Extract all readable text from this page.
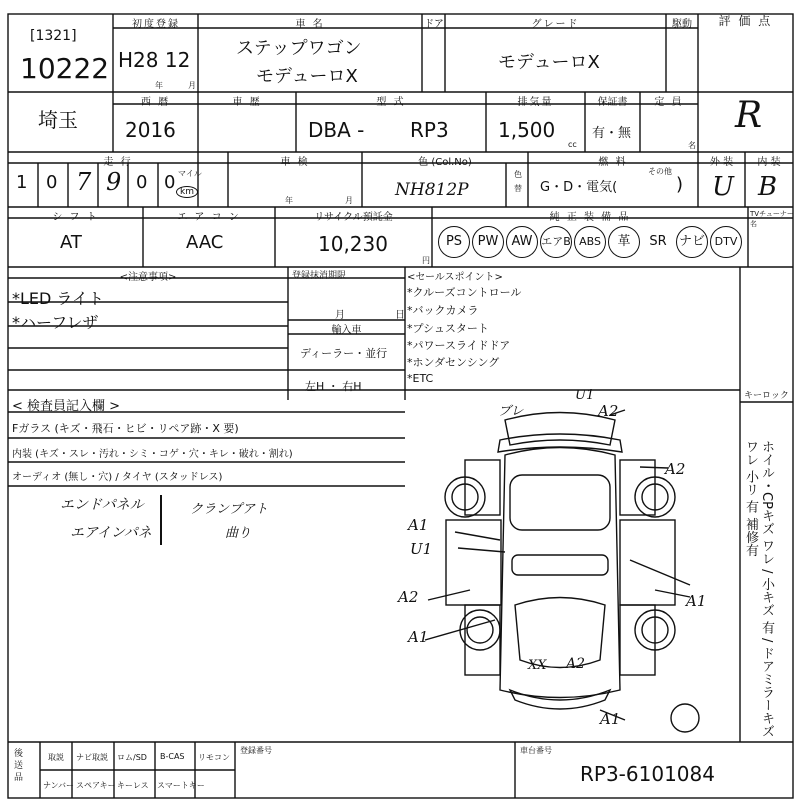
[1321]
10222
初度登録
H28 12
年	月
車 名
ステップワゴン
モデューロX
ドア	グレード
モデューロX
駆動	評 価 点
R
埼玉
西 暦
2016
車 歴	型 式
DBA - RP3
排気量
1,500
cc
保証書
有・無
定 員
名
走 行
1 0 7 9 0 0 マイル
km
車 検
年	月
色 (Col.No)
NH812P
色 替
燃 料
G・D・電気(
その他
)
外 装
U
内 装
B
シ フ ト
AT
エ ア コ ン
AAC
リサイクル預託金
10,230
円
純 正 装 備 品	TVチューナー名
PS PW AW エアB ABS 革 SR ナビ DTV
<注意事項>
*LED ライト
*ハーフレザ
登録抹消期限
月	日
輸入車
ディーラー・並行
左H ・ 右H
<セールスポイント>
*クルーズコントロール
*バックカメラ
*プシュスタート
*パワースライドドア
*ホンダセンシング
*ETC
< 検査員記入欄 >
Fガラス (キズ・飛石・ヒビ・リペア跡・X 要)
内装 (キズ・スレ・汚れ・シミ・コゲ・穴・キレ・破れ・割れ)
オーディオ (無し・穴) / タイヤ (スタッドレス)
エンドパネル	クランプアト
エアインパネ	曲り
ブレ
U1
A2
A2
A1
U1
A2	A1
A1
XX A2
A1
キーロック
ホイル・CPキズ ワレ / 小キズ 有 / ドアミラーキズ ワレ 小リ 有 補修有
後送品
取説 ナビ取説 ロム/SD B-CAS リモコン
ナンバー スペアキー キーレス スマートキー
登録番号	車台番号
RP3-6101084
